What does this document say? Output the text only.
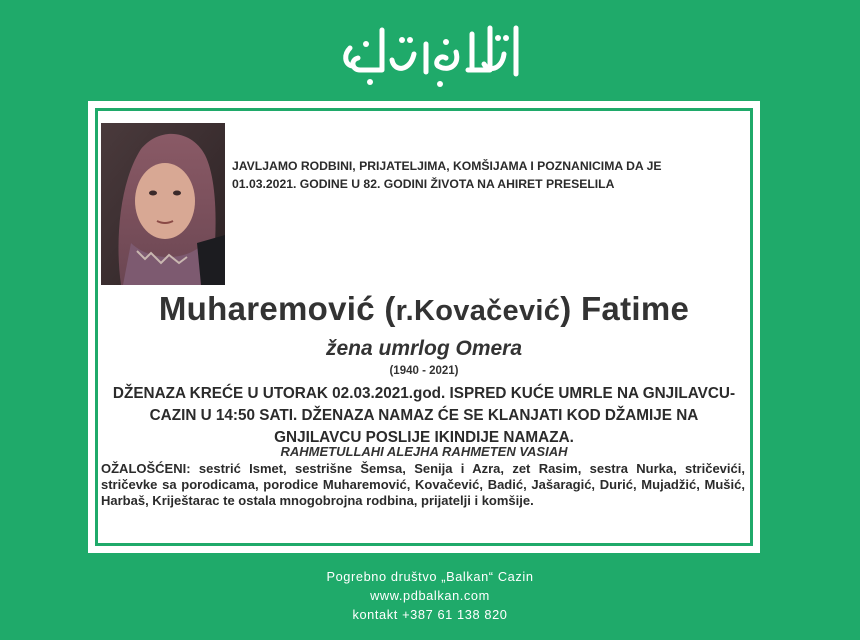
JAVLJAMO RODBINI, PRIJATELJIMA, KOMŠIJAMA I POZNANICIMA DA JE 01.03.2021. GODINE U 82. GODINI ŽIVOTA NA AHIRET PRESELILA
Muharemović (r.Kovačević) Fatime
žena umrlog Omera
(1940 - 2021)
DŽENAZA KREĆE U UTORAK 02.03.2021.god. ISPRED KUĆE UMRLE NA GNJILAVCU-CAZIN U 14:50 SATI. DŽENAZA NAMAZ ĆE SE KLANJATI KOD DŽAMIJE NA GNJILAVCU POSLIJE IKINDIJE NAMAZA.
RAHMETULLAHI ALEJHA RAHMETEN VASIAH
OŽALOŠĆENI: sestrić Ismet, sestrišne Šemsa, Senija i Azra, zet Rasim, sestra Nurka, stričevići, stričevke sa porodicama, porodice Muharemović, Kovačević, Badić, Jašaragić, Durić, Mujadžić, Mušić, Harbaš, Kriještarac te ostala mnogobrojna rodbina, prijatelji i komšije.
Pogrebno društvo „Balkan“ Cazin
www.pdbalkan.com
kontakt +387 61 138 820
